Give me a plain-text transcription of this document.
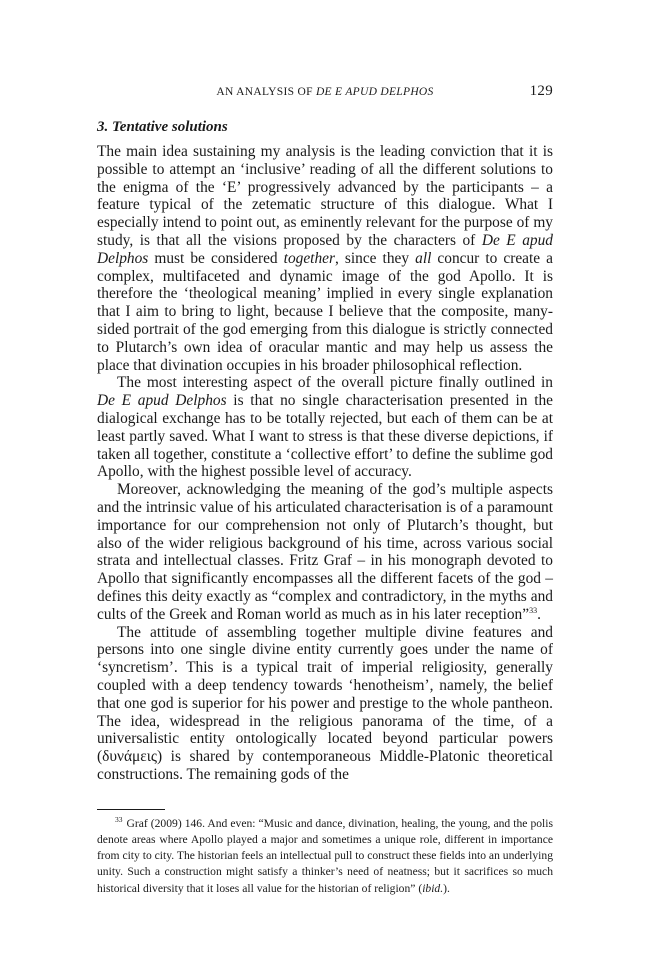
AN ANALYSIS OF DE E APUD DELPHOS	129
3. Tentative solutions

The main idea sustaining my analysis is the leading conviction that it is possible to attempt an ‘inclusive’ reading of all the different solutions to the enigma of the ‘E’ progressively advanced by the participants – a feature typical of the zetematic structure of this dialogue. What I especially intend to point out, as eminently relevant for the purpose of my study, is that all the visions proposed by the characters of De E apud Delphos must be considered together, since they all concur to create a complex, multifaceted and dynamic image of the god Apollo. It is therefore the ‘theological meaning’ implied in every single explanation that I aim to bring to light, because I believe that the composite, many-sided portrait of the god emerging from this dialogue is strictly connected to Plutarch’s own idea of oracular mantic and may help us assess the place that divination occupies in his broader philosophical reflection.

The most interesting aspect of the overall picture finally outlined in De E apud Delphos is that no single characterisation presented in the dialogical exchange has to be totally rejected, but each of them can be at least partly saved. What I want to stress is that these diverse depictions, if taken all together, constitute a ‘collective effort’ to define the sublime god Apollo, with the highest possible level of accuracy.

Moreover, acknowledging the meaning of the god’s multiple aspects and the intrinsic value of his articulated characterisation is of a paramount importance for our comprehension not only of Plutarch’s thought, but also of the wider religious background of his time, across various social strata and intellectual classes. Fritz Graf – in his monograph devoted to Apollo that significantly encompasses all the different facets of the god – defines this deity exactly as “complex and contradictory, in the myths and cults of the Greek and Roman world as much as in his later reception”$^{33}$.

The attitude of assembling together multiple divine features and persons into one single divine entity currently goes under the name of ‘syncretism’. This is a typical trait of imperial religiosity, generally coupled with a deep tendency towards ‘henotheism’, namely, the belief that one god is superior for his power and prestige to the whole pantheon. The idea, widespread in the religious panorama of the time, of a universalistic entity ontologically located beyond particular powers (δυνάμεις) is shared by contemporaneous Middle-Platonic theoretical constructions. The remaining gods of the

$^{33}$ Graf (2009) 146. And even: “Music and dance, divination, healing, the young, and the polis denote areas where Apollo played a major and sometimes a unique role, different in importance from city to city. The historian feels an intellectual pull to construct these fields into an underlying unity. Such a construction might satisfy a thinker’s need of neatness; but it sacrifices so much historical diversity that it loses all value for the historian of religion” (ibid.).
